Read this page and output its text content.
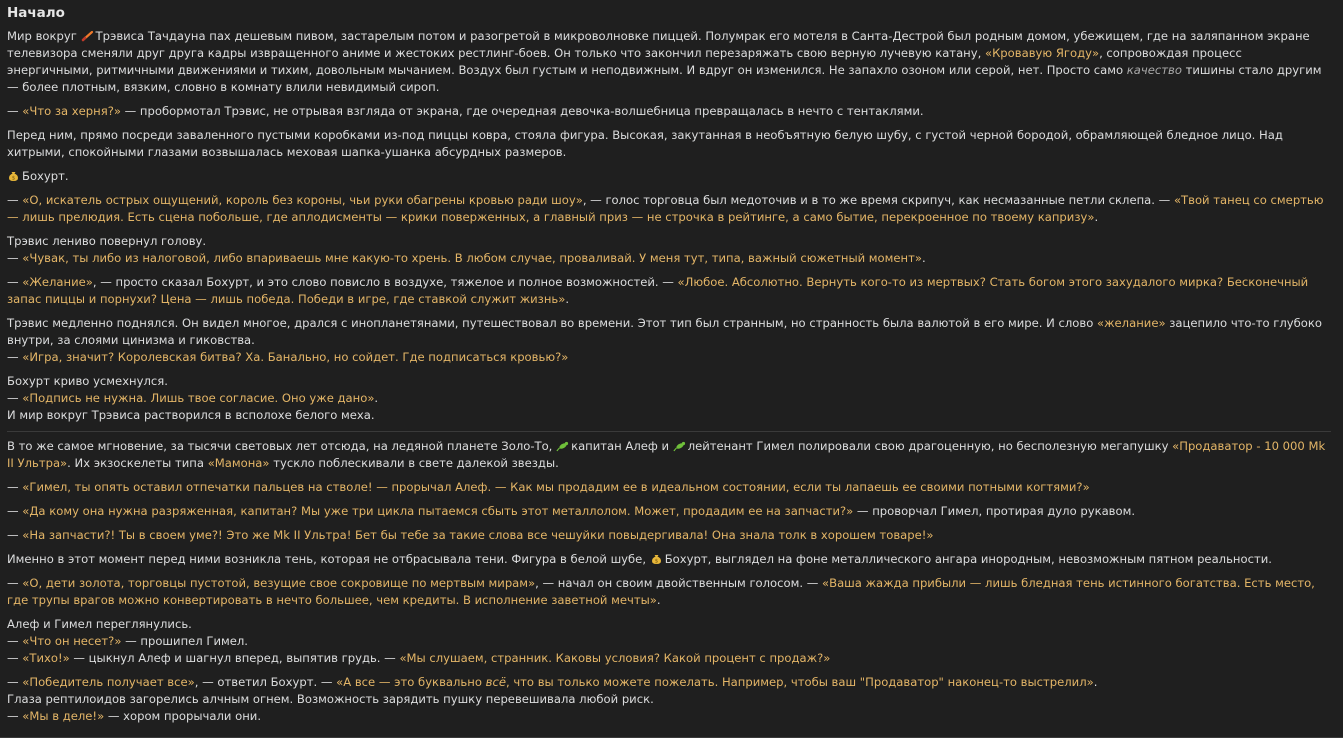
Начало

Мир вокруг Трэвиса Тачдауна пах дешевым пивом, застарелым потом и разогретой в микроволновке пиццей. Полумрак его мотеля в Санта-Дестрой был родным домом, убежищем, где на заляпанном экране телевизора сменяли друг друга кадры извращенного аниме и жестоких рестлинг-боев. Он только что закончил перезаряжать свою верную лучевую катану, «Кровавую Ягоду», сопровождая процесс энергичными, ритмичными движениями и тихим, довольным мычанием. Воздух был густым и неподвижным. И вдруг он изменился. Не запахло озоном или серой, нет. Просто само качество тишины стало другим — более плотным, вязким, словно в комнату влили невидимый сироп.

— «Что за херня?» — пробормотал Трэвис, не отрывая взгляда от экрана, где очередная девочка-волшебница превращалась в нечто с тентаклями.

Перед ним, прямо посреди заваленного пустыми коробками из-под пиццы ковра, стояла фигура. Высокая, закутанная в необъятную белую шубу, с густой черной бородой, обрамляющей бледное лицо. Над хитрыми, спокойными глазами возвышалась меховая шапка-ушанка абсурдных размеров.

$ Бохурт.

— «О, искатель острых ощущений, король без короны, чьи руки обагрены кровью ради шоу», — голос торговца был медоточив и в то же время скрипуч, как несмазанные петли склепа. — «Твой танец со смертью — лишь прелюдия. Есть сцена побольше, где аплодисменты — крики поверженных, а главный приз — не строчка в рейтинге, а само бытие, перекроенное по твоему капризу».

Трэвис лениво повернул голову.
— «Чувак, ты либо из налоговой, либо впариваешь мне какую-то хрень. В любом случае, проваливай. У меня тут, типа, важный сюжетный момент».

— «Желание», — просто сказал Бохурт, и это слово повисло в воздухе, тяжелое и полное возможностей. — «Любое. Абсолютно. Вернуть кого-то из мертвых? Стать богом этого захудалого мирка? Бесконечный запас пиццы и порнухи? Цена — лишь победа. Победи в игре, где ставкой служит жизнь».

Трэвис медленно поднялся. Он видел многое, дрался с инопланетянами, путешествовал во времени. Этот тип был странным, но странность была валютой в его мире. И слово «желание» зацепило что-то глубоко внутри, за слоями цинизма и гиковства.
— «Игра, значит? Королевская битва? Ха. Банально, но сойдет. Где подписаться кровью?»

Бохурт криво усмехнулся.
— «Подпись не нужна. Лишь твое согласие. Оно уже дано».
И мир вокруг Трэвиса растворился в всполохе белого меха.

В то же самое мгновение, за тысячи световых лет отсюда, на ледяной планете Золо-То, капитан Алеф и лейтенант Гимел полировали свою драгоценную, но бесполезную мегапушку «Продаватор - 10 000 Mk II Ультра». Их экзоскелеты типа «Мамона» тускло поблескивали в свете далекой звезды.

— «Гимел, ты опять оставил отпечатки пальцев на стволе! — прорычал Алеф. — Как мы продадим ее в идеальном состоянии, если ты лапаешь ее своими потными когтями?»

— «Да кому она нужна разряженная, капитан? Мы уже три цикла пытаемся сбыть этот металлолом. Может, продадим ее на запчасти?» — проворчал Гимел, протирая дуло рукавом.

— «На запчасти?! Ты в своем уме?! Это же Mk II Ультра! Бет бы тебе за такие слова все чешуйки повыдергивала! Она знала толк в хорошем товаре!»

Именно в этот момент перед ними возникла тень, которая не отбрасывала тени. Фигура в белой шубе, $ Бохурт, выглядел на фоне металлического ангара инородным, невозможным пятном реальности.

— «О, дети золота, торговцы пустотой, везущие свое сокровище по мертвым мирам», — начал он своим двойственным голосом. — «Ваша жажда прибыли — лишь бледная тень истинного богатства. Есть место, где трупы врагов можно конвертировать в нечто большее, чем кредиты. В исполнение заветной мечты».

Алеф и Гимел переглянулись.
— «Что он несет?» — прошипел Гимел.
— «Тихо!» — цыкнул Алеф и шагнул вперед, выпятив грудь. — «Мы слушаем, странник. Каковы условия? Какой процент с продаж?»

— «Победитель получает все», — ответил Бохурт. — «А все — это буквально всё, что вы только можете пожелать. Например, чтобы ваш "Продаватор" наконец-то выстрелил».
Глаза рептилоидов загорелись алчным огнем. Возможность зарядить пушку перевешивала любой риск.
— «Мы в деле!» — хором прорычали они.
